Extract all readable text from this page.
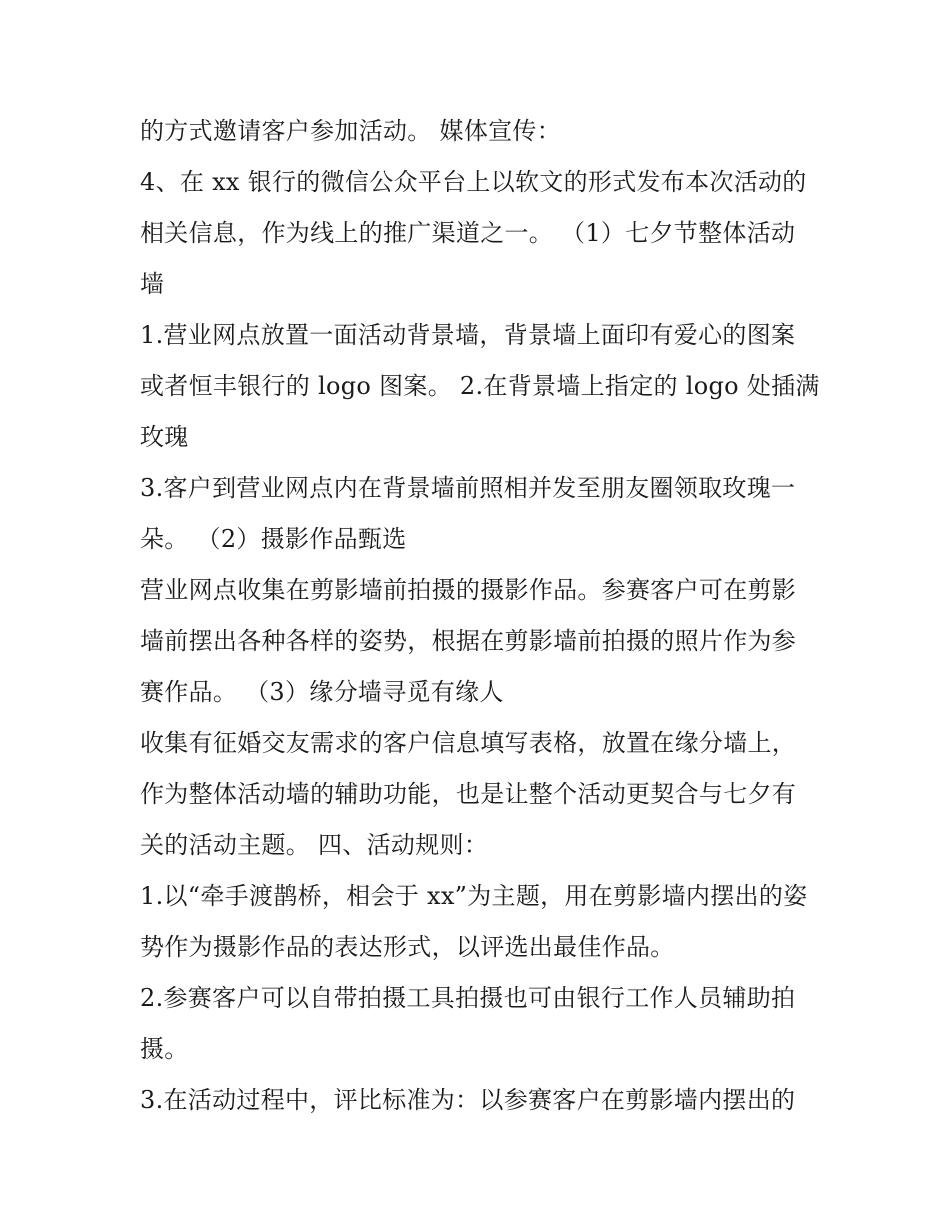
的方式邀请客户参加活动。 媒体宣传：
4、在 xx 银行的微信公众平台上以软文的形式发布本次活动的
相关信息，作为线上的推广渠道之一。 （1）七夕节整体活动
墙
1.营业网点放置一面活动背景墙，背景墙上面印有爱心的图案
或者恒丰银行的 logo 图案。 2.在背景墙上指定的 logo 处插满
玫瑰
3.客户到营业网点内在背景墙前照相并发至朋友圈领取玫瑰一
朵。 （2）摄影作品甄选
营业网点收集在剪影墙前拍摄的摄影作品。参赛客户可在剪影
墙前摆出各种各样的姿势，根据在剪影墙前拍摄的照片作为参
赛作品。 （3）缘分墙寻觅有缘人
收集有征婚交友需求的客户信息填写表格，放置在缘分墙上，
作为整体活动墙的辅助功能，也是让整个活动更契合与七夕有
关的活动主题。 四、活动规则：
1.以“牵手渡鹊桥，相会于 xx”为主题，用在剪影墙内摆出的姿
势作为摄影作品的表达形式，以评选出最佳作品。
2.参赛客户可以自带拍摄工具拍摄也可由银行工作人员辅助拍
摄。
3.在活动过程中，评比标准为：以参赛客户在剪影墙内摆出的
